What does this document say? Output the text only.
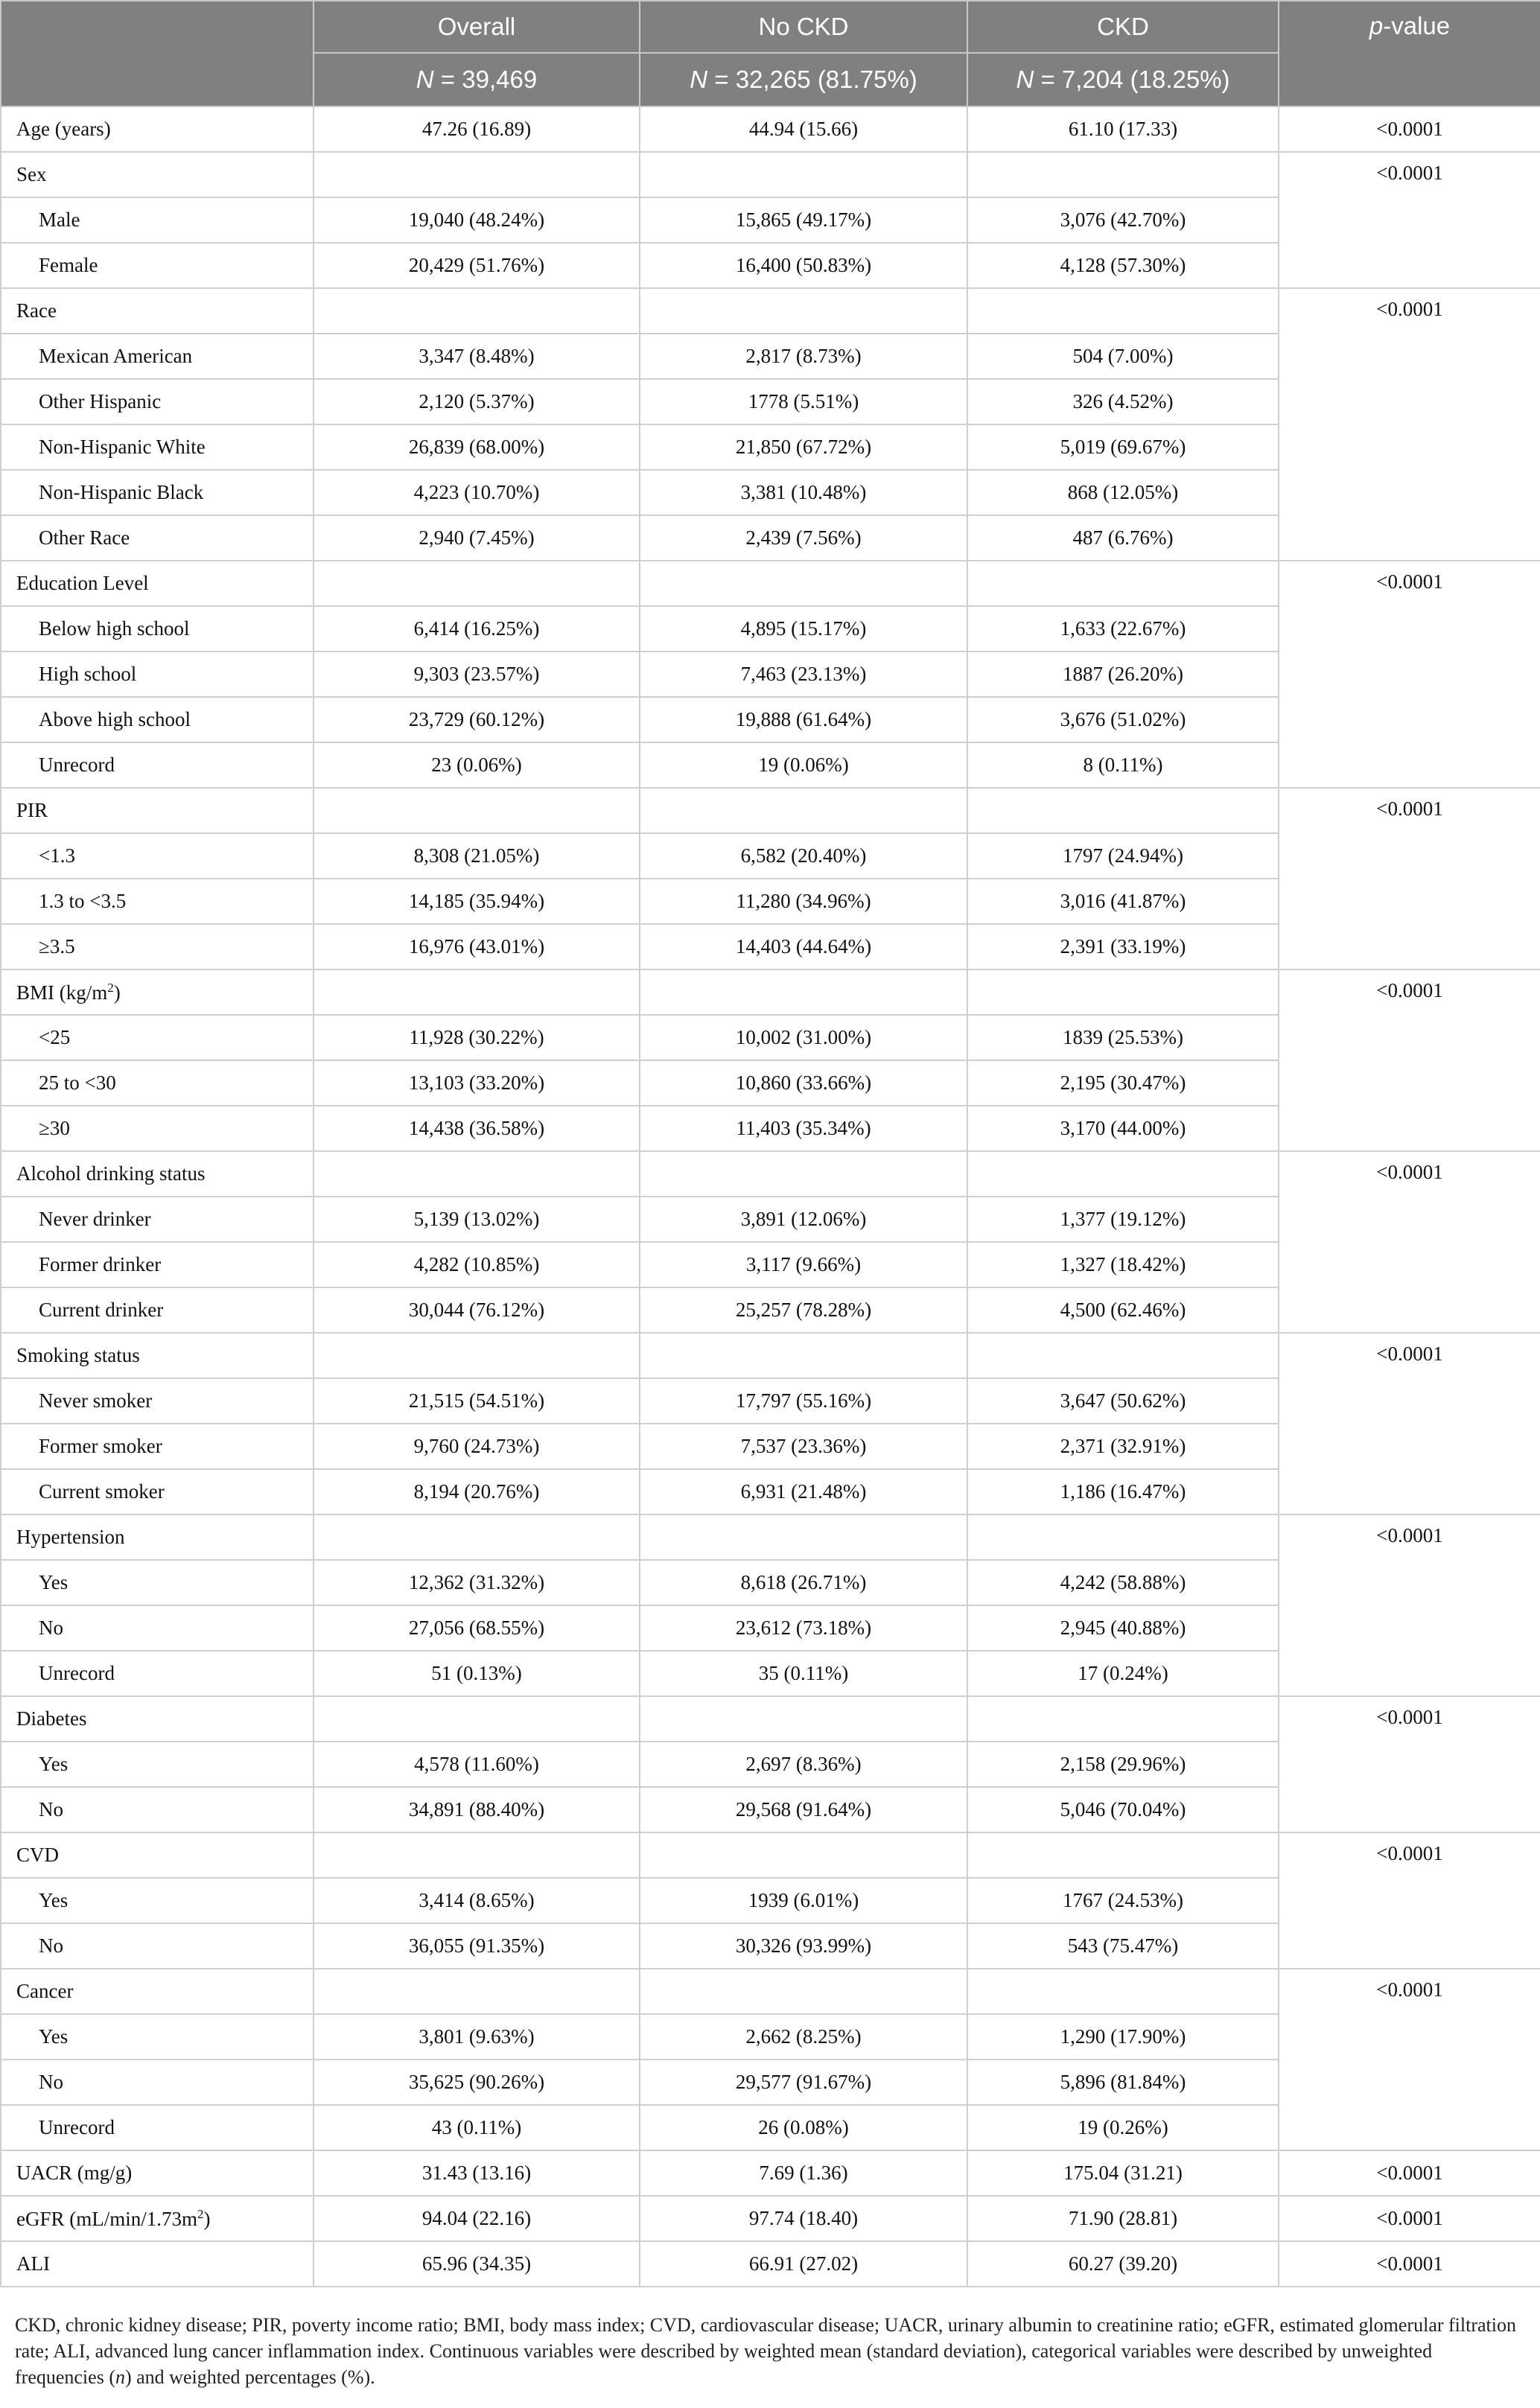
	Overall	No CKD	CKD	p-value
	N = 39,469	N = 32,265 (81.75%)	N = 7,204 (18.25%)	
Age (years)	47.26 (16.89)	44.94 (15.66)	61.10 (17.33)	<0.0001
Sex				<0.0001
Male	19,040 (48.24%)	15,865 (49.17%)	3,076 (42.70%)	
Female	20,429 (51.76%)	16,400 (50.83%)	4,128 (57.30%)	
Race				<0.0001
Mexican American	3,347 (8.48%)	2,817 (8.73%)	504 (7.00%)	
Other Hispanic	2,120 (5.37%)	1778 (5.51%)	326 (4.52%)	
Non-Hispanic White	26,839 (68.00%)	21,850 (67.72%)	5,019 (69.67%)	
Non-Hispanic Black	4,223 (10.70%)	3,381 (10.48%)	868 (12.05%)	
Other Race	2,940 (7.45%)	2,439 (7.56%)	487 (6.76%)	
Education Level				<0.0001
Below high school	6,414 (16.25%)	4,895 (15.17%)	1,633 (22.67%)	
High school	9,303 (23.57%)	7,463 (23.13%)	1887 (26.20%)	
Above high school	23,729 (60.12%)	19,888 (61.64%)	3,676 (51.02%)	
Unrecord	23 (0.06%)	19 (0.06%)	8 (0.11%)	
PIR				<0.0001
<1.3	8,308 (21.05%)	6,582 (20.40%)	1797 (24.94%)	
1.3 to <3.5	14,185 (35.94%)	11,280 (34.96%)	3,016 (41.87%)	
≥3.5	16,976 (43.01%)	14,403 (44.64%)	2,391 (33.19%)	
BMI $(kg/m^2)$				<0.0001
<25	11,928 (30.22%)	10,002 (31.00%)	1839 (25.53%)	
25 to <30	13,103 (33.20%)	10,860 (33.66%)	2,195 (30.47%)	
≥30	14,438 (36.58%)	11,403 (35.34%)	3,170 (44.00%)	
Alcohol drinking status				<0.0001
Never drinker	5,139 (13.02%)	3,891 (12.06%)	1,377 (19.12%)	
Former drinker	4,282 (10.85%)	3,117 (9.66%)	1,327 (18.42%)	
Current drinker	30,044 (76.12%)	25,257 (78.28%)	4,500 (62.46%)	
Smoking status				<0.0001
Never smoker	21,515 (54.51%)	17,797 (55.16%)	3,647 (50.62%)	
Former smoker	9,760 (24.73%)	7,537 (23.36%)	2,371 (32.91%)	
Current smoker	8,194 (20.76%)	6,931 (21.48%)	1,186 (16.47%)	
Hypertension				<0.0001
Yes	12,362 (31.32%)	8,618 (26.71%)	4,242 (58.88%)	
No	27,056 (68.55%)	23,612 (73.18%)	2,945 (40.88%)	
Unrecord	51 (0.13%)	35 (0.11%)	17 (0.24%)	
Diabetes				<0.0001
Yes	4,578 (11.60%)	2,697 (8.36%)	2,158 (29.96%)	
No	34,891 (88.40%)	29,568 (91.64%)	5,046 (70.04%)	
CVD				<0.0001
Yes	3,414 (8.65%)	1939 (6.01%)	1767 (24.53%)	
No	36,055 (91.35%)	30,326 (93.99%)	543 (75.47%)	
Cancer				<0.0001
Yes	3,801 (9.63%)	2,662 (8.25%)	1,290 (17.90%)	
No	35,625 (90.26%)	29,577 (91.67%)	5,896 (81.84%)	
Unrecord	43 (0.11%)	26 (0.08%)	19 (0.26%)	
UACR (mg/g)	31.43 (13.16)	7.69 (1.36)	175.04 (31.21)	<0.0001
eGFR $(mL/\min/1.73m^2)$	94.04 (22.16)	97.74 (18.40)	71.90 (28.81)	<0.0001
ALI	65.96 (34.35)	66.91 (27.02)	60.27 (39.20)	<0.0001

CKD, chronic kidney disease; PIR, poverty income ratio; BMI, body mass index; CVD, cardiovascular disease; UACR, urinary albumin to creatinine ratio; eGFR, estimated glomerular filtration rate; ALI, advanced lung cancer inflammation index. Continuous variables were described by weighted mean (standard deviation), categorical variables were described by unweighted frequencies (n) and weighted percentages (%).
